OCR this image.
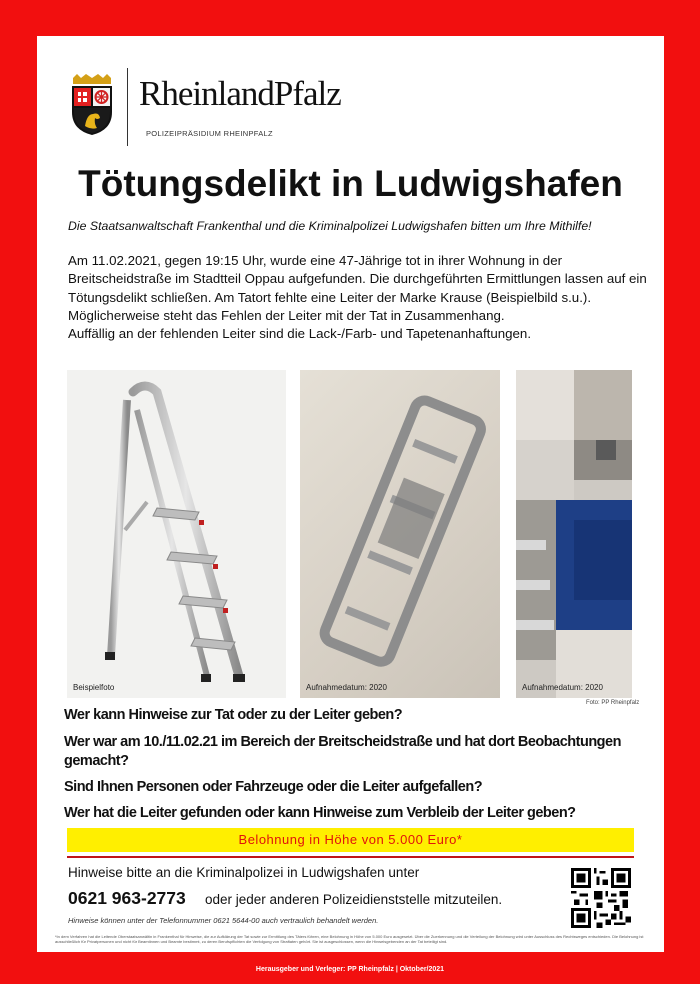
RheinlandPfalz
POLIZEIPRÄSIDIUM RHEINPFALZ
Tötungsdelikt in Ludwigshafen
Die Staatsanwaltschaft Frankenthal und die Kriminalpolizei Ludwigshafen bitten um Ihre Mithilfe!

Am 11.02.2021, gegen 19:15 Uhr, wurde eine 47-Jährige tot in ihrer Wohnung in der Breitscheidstraße im Stadtteil Oppau aufgefunden. Die durchgeführten Ermittlungen lassen auf ein Tötungsdelikt schließen. Am Tatort fehlte eine Leiter der Marke Krause (Beispielbild s.u.). Möglicherweise steht das Fehlen der Leiter mit der Tat in Zusammenhang.

Auffällig an der fehlenden Leiter sind die Lack-/Farb- und Tapetenanhaftungen.

Beispielfoto	Aufnahmedatum: 2020	Aufnahmedatum: 2020
Foto: PP Rheinpfalz
Wer kann Hinweise zur Tat oder zu der Leiter geben?
Wer war am 10./11.02.21 im Bereich der Breitscheidstraße und hat dort Beobachtungen gemacht?
Sind Ihnen Personen oder Fahrzeuge oder die Leiter aufgefallen?
Wer hat die Leiter gefunden oder kann Hinweise zum Verbleib der Leiter geben?
Belohnung in Höhe von 5.000 Euro*
Hinweise bitte an die Kriminalpolizei in Ludwigshafen unter
0621 963-2773 oder jeder anderen Polizeidienststelle mitzuteilen.
Hinweise können unter der Telefonnummer 0621 5644-00 auch vertraulich behandelt werden.
*In dem Verfahren hat die Leitende Oberstaatsanwältin in Frankenthal für Hinweise, die zur Aufklärung der Tat sowie zur Ermittlung des Täters führen, eine Belohnung in Höhe von 5.000 Euro ausgesetzt. Über die Zuerkennung und die Verteilung der Belohnung wird unter Ausschluss des Rechtsweges entschieden. Die Belohnung ist ausschließlich für Privatpersonen und nicht für Beamtinnen und Beamte bestimmt, zu deren Berufspflichten die Verfolgung von Straftaten gehört. Sie ist ausgeschlossen, wenn die Hinweisgebenden an der Tat beteiligt sind.
Herausgeber und Verleger: PP Rheinpfalz | Oktober/2021
